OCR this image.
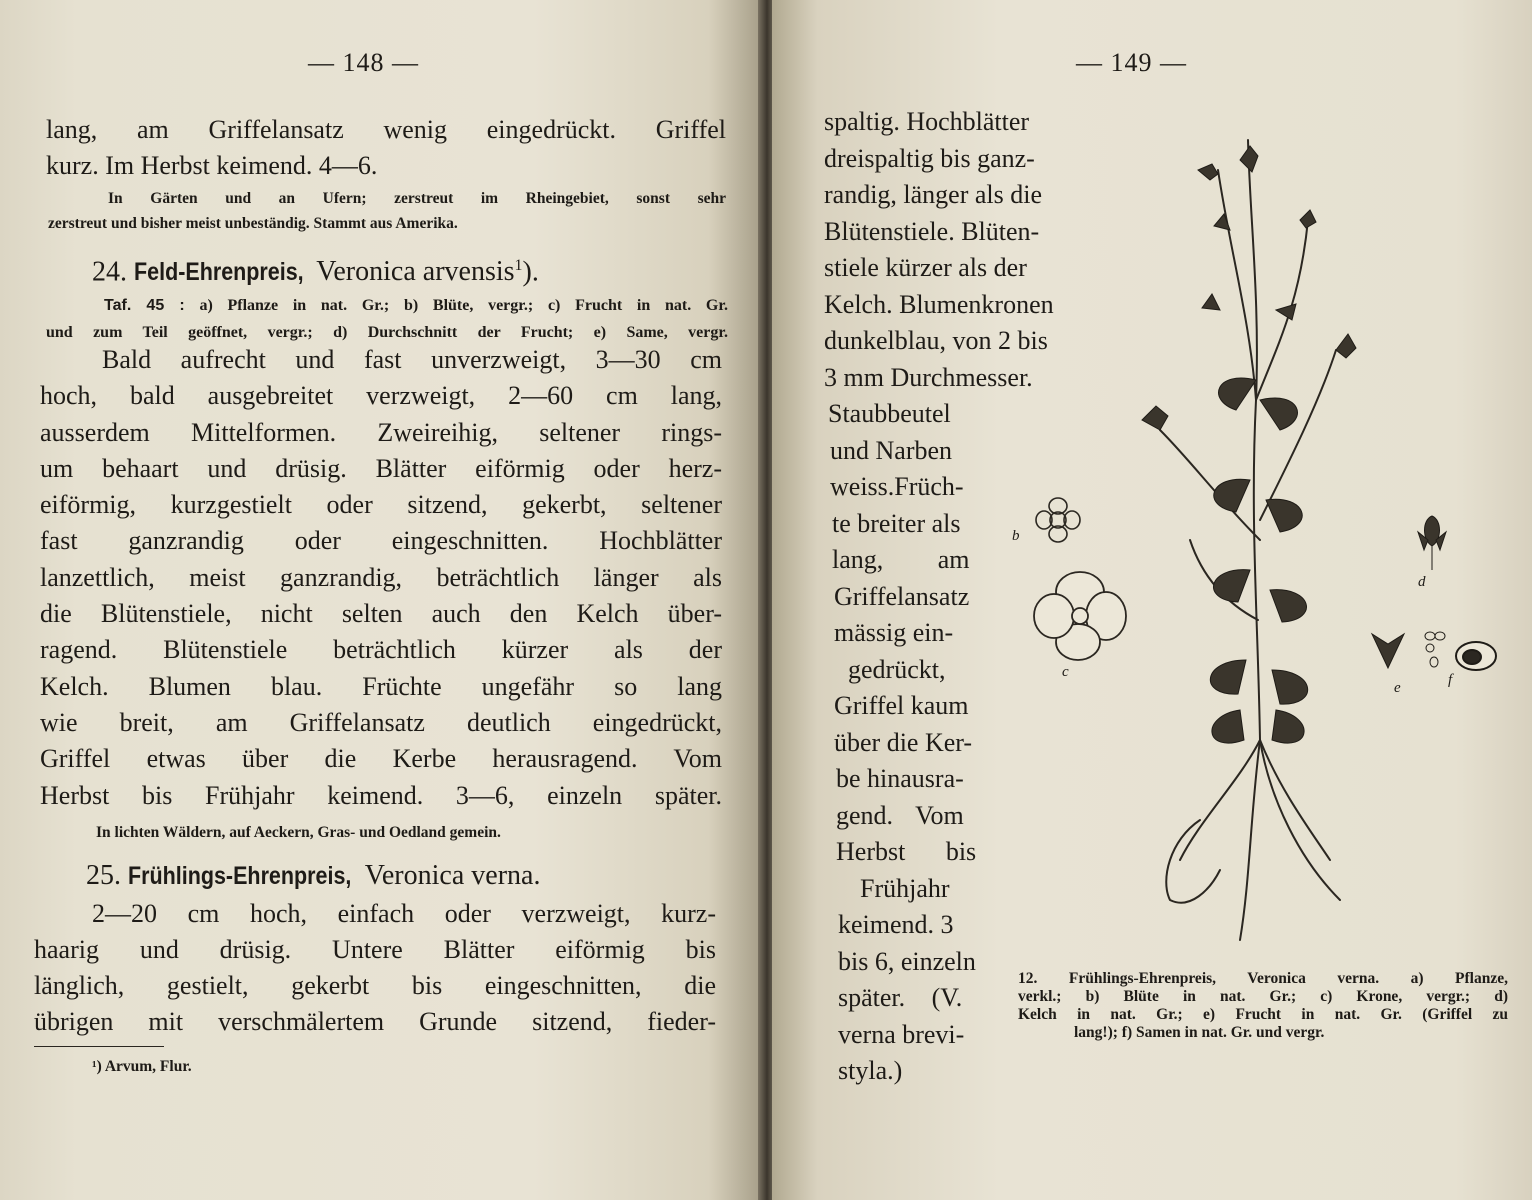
— 148 —
lang, am Griffelansatz wenig eingedrückt. Griffel
kurz. Im Herbst keimend. 4—6.
In Gärten und an Ufern; zerstreut im Rheingebiet, sonst sehr
zerstreut und bisher meist unbeständig. Stammt aus Amerika.
24. Feld-Ehrenpreis, Veronica arvensis$^1$).
Taf. 45 : a) Pflanze in nat. Gr.; b) Blüte, vergr.; c) Frucht in nat. Gr.
und zum Teil geöffnet, vergr.; d) Durchschnitt der Frucht; e) Same, vergr.
Bald aufrecht und fast unverzweigt, 3—30 cm
hoch, bald ausgebreitet verzweigt, 2—60 cm lang,
ausserdem Mittelformen. Zweireihig, seltener rings-
um behaart und drüsig. Blätter eiförmig oder herz-
eiförmig, kurzgestielt oder sitzend, gekerbt, seltener
fast ganzrandig oder eingeschnitten. Hochblätter
lanzettlich, meist ganzrandig, beträchtlich länger als
die Blütenstiele, nicht selten auch den Kelch über-
ragend. Blütenstiele beträchtlich kürzer als der
Kelch. Blumen blau. Früchte ungefähr so lang
wie breit, am Griffelansatz deutlich eingedrückt,
Griffel etwas über die Kerbe herausragend. Vom
Herbst bis Frühjahr keimend. 3—6, einzeln später.
In lichten Wäldern, auf Aeckern, Gras- und Oedland gemein.
25. Frühlings-Ehrenpreis, Veronica verna.
2—20 cm hoch, einfach oder verzweigt, kurz-
haarig und drüsig. Untere Blätter eiförmig bis
länglich, gestielt, gekerbt bis eingeschnitten, die
übrigen mit verschmälertem Grunde sitzend, fieder-
¹) Arvum, Flur.
— 149 —
spaltig. Hochblätter
dreispaltig bis ganz-
randig, länger als die
Blütenstiele. Blüten-
stiele kürzer als der
Kelch. Blumenkronen
dunkelblau, von 2 bis
3 mm Durchmesser.
Staubbeutel
und Narben
weiss.Früch-
te breiter als
lang, am
Griffelansatz
mässig ein-
gedrückt,
Griffel kaum
über die Ker-
be hinausra-
gend. Vom
Herbst bis
Frühjahr
keimend. 3
bis 6, einzeln
später. (V.
verna brevi-
styla.)
b
c
d
e	f
12. Frühlings-Ehrenpreis, Veronica verna. a) Pflanze,
verkl.; b) Blüte in nat. Gr.; c) Krone, vergr.; d)
Kelch in nat. Gr.; e) Frucht in nat. Gr. (Griffel zu
lang!); f) Samen in nat. Gr. und vergr.
